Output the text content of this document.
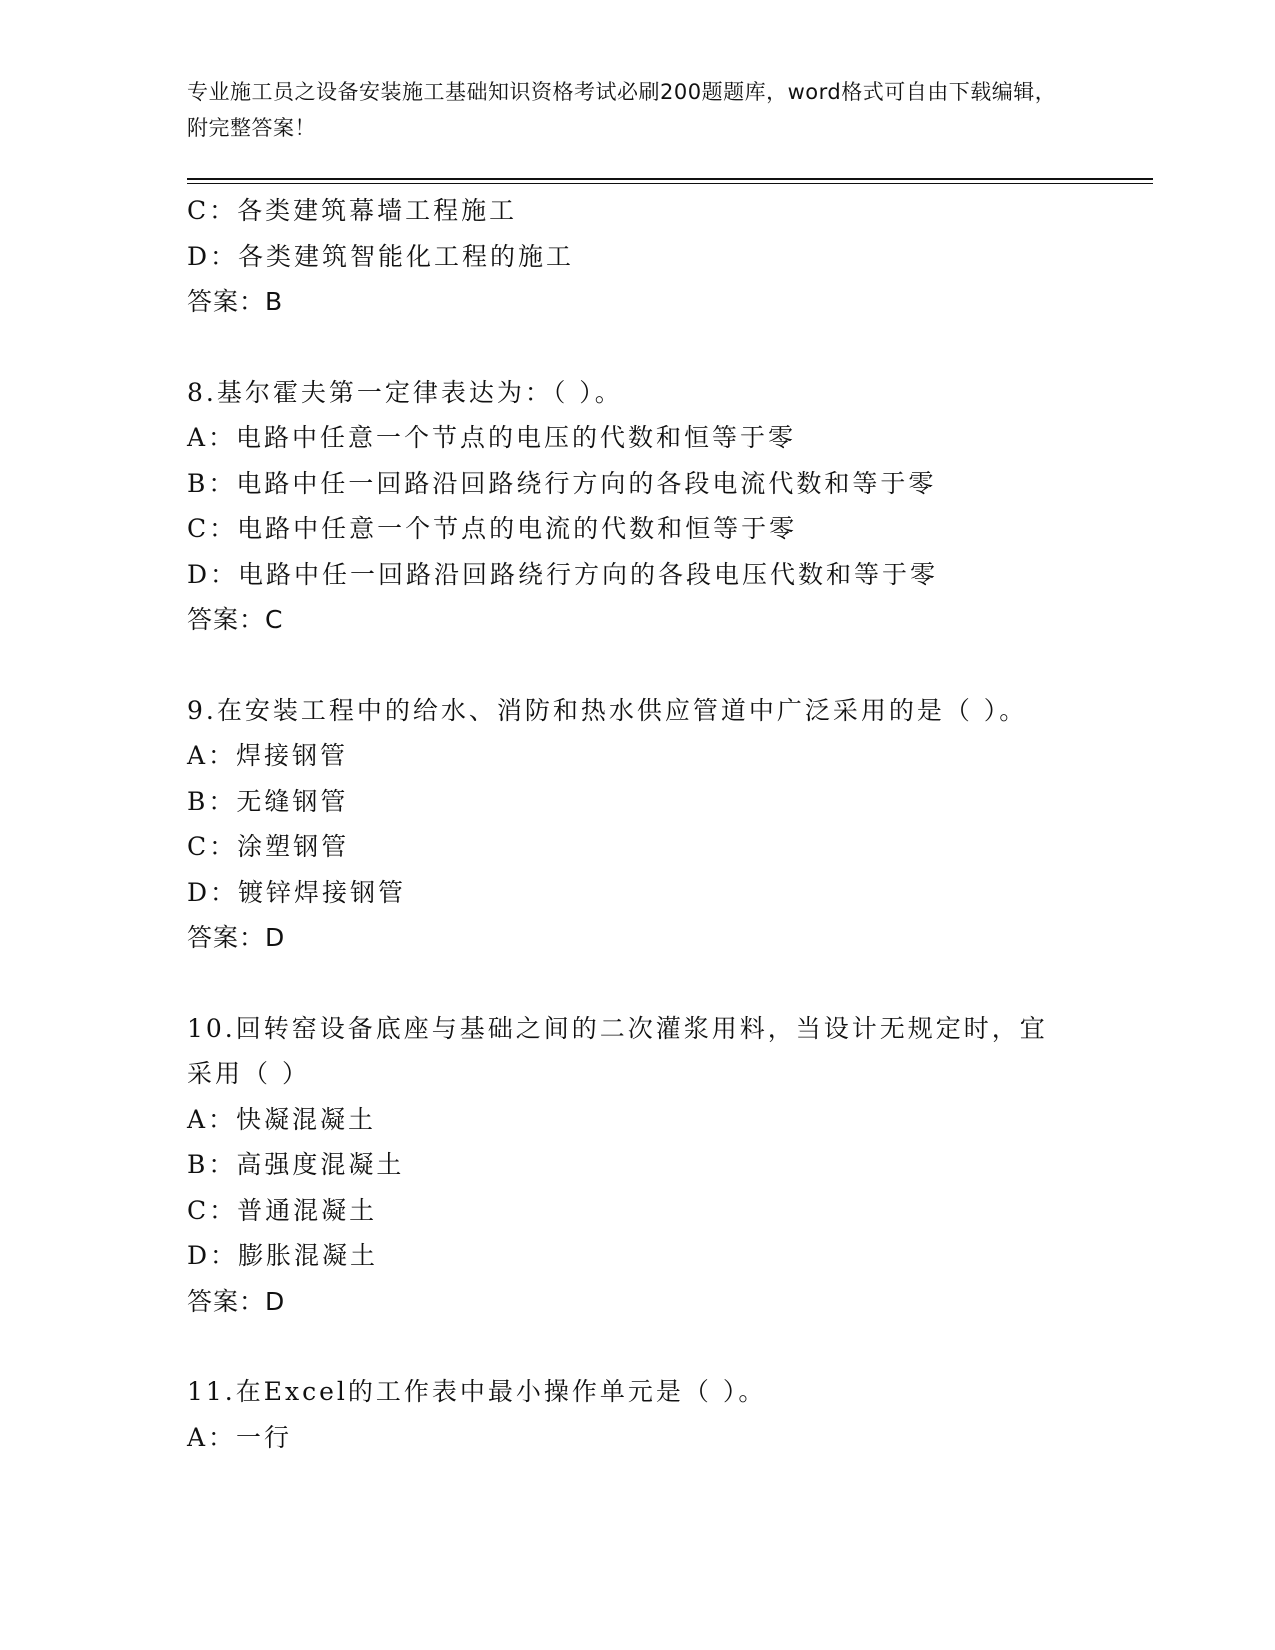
专业施工员之设备安装施工基础知识资格考试必刷200题题库，word格式可自由下载编辑，附完整答案！
C：各类建筑幕墙工程施工
D：各类建筑智能化工程的施工
答案：B
8.基尔霍夫第一定律表达为：（ ）。
A：电路中任意一个节点的电压的代数和恒等于零
B：电路中任一回路沿回路绕行方向的各段电流代数和等于零
C：电路中任意一个节点的电流的代数和恒等于零
D：电路中任一回路沿回路绕行方向的各段电压代数和等于零
答案：C
9.在安装工程中的给水、消防和热水供应管道中广泛采用的是（ ）。
A：焊接钢管
B：无缝钢管
C：涂塑钢管
D：镀锌焊接钢管
答案：D
10.回转窑设备底座与基础之间的二次灌浆用料，当设计无规定时，宜采用（ ）
A：快凝混凝土
B：高强度混凝土
C：普通混凝土
D：膨胀混凝土
答案：D
11.在Excel的工作表中最小操作单元是（ ）。
A：一行
